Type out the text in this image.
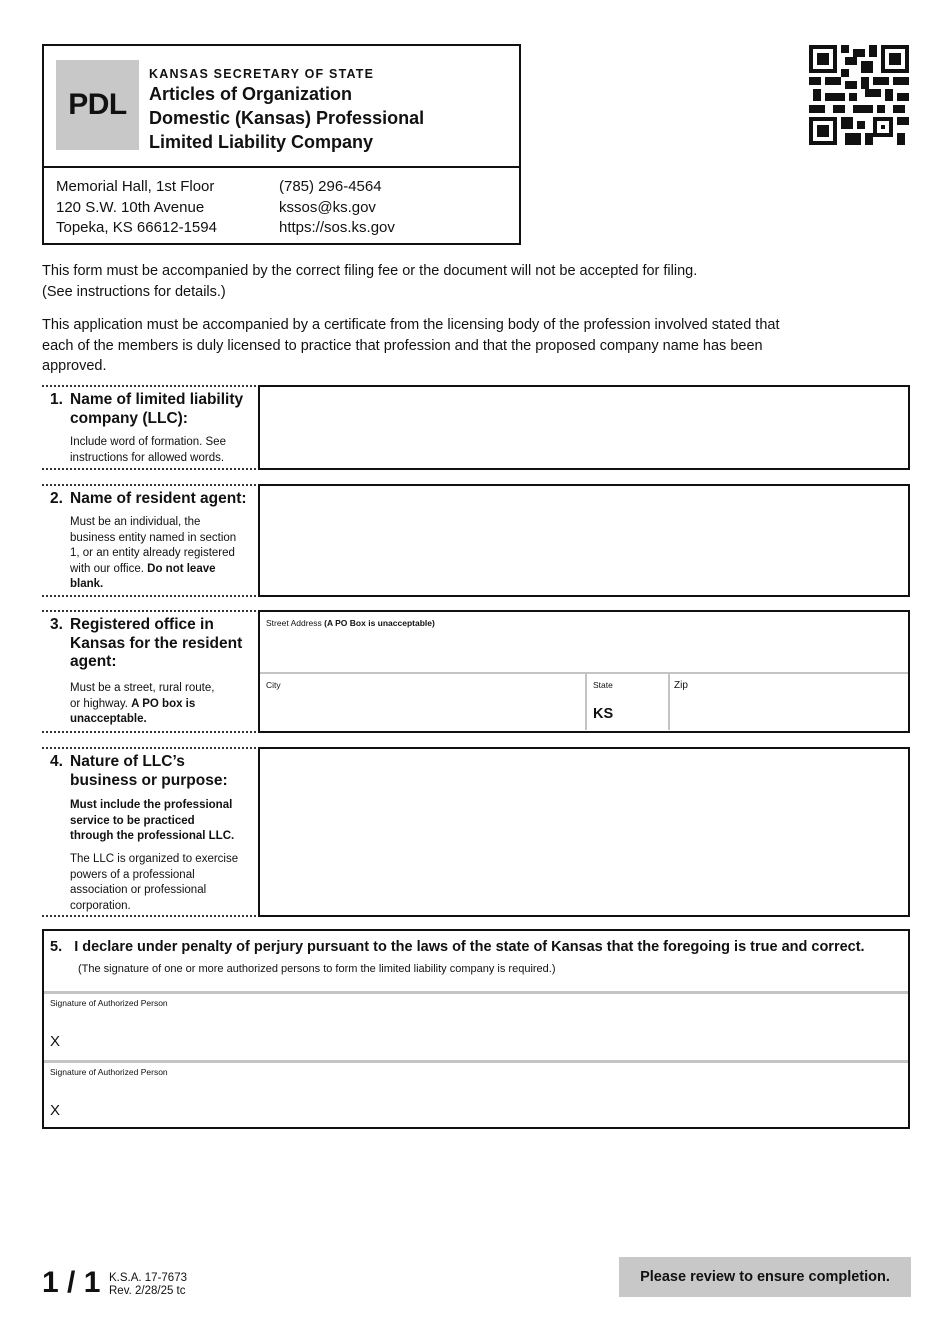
PDL
KANSAS SECRETARY OF STATE
Articles of Organization
Domestic (Kansas) Professional
Limited Liability Company
Memorial Hall, 1st Floor
120 S.W. 10th Avenue
Topeka, KS 66612-1594
(785) 296-4564
kssos@ks.gov
https://sos.ks.gov
This form must be accompanied by the correct filing fee or the document will not be accepted for filing.
(See instructions for details.)
This application must be accompanied by a certificate from the licensing body of the profession involved stated that
each of the members is duly licensed to practice that profession and that the proposed company name has been
approved.
1. Name of limited liability
company (LLC):
Include word of formation. See
instructions for allowed words.
2. Name of resident agent:
Must be an individual, the
business entity named in section
1, or an entity already registered
with our office. Do not leave
blank.
3. Registered office in
Kansas for the resident
agent:
Must be a street, rural route,
or highway. A PO box is
unacceptable.
Street Address (A PO Box is unacceptable)
City	State
KS
Zip
4. Nature of LLC’s
business or purpose:
Must include the professional
service to be practiced
through the professional LLC.
The LLC is organized to exercise
powers of a professional
association or professional
corporation.
5. I declare under penalty of perjury pursuant to the laws of the state of Kansas that the foregoing is true and correct.
(The signature of one or more authorized persons to form the limited liability company is required.)
Signature of Authorized Person
X
Signature of Authorized Person
X
1 / 1 K.S.A. 17-7673
Rev. 2/28/25 tc
Please review to ensure completion.
